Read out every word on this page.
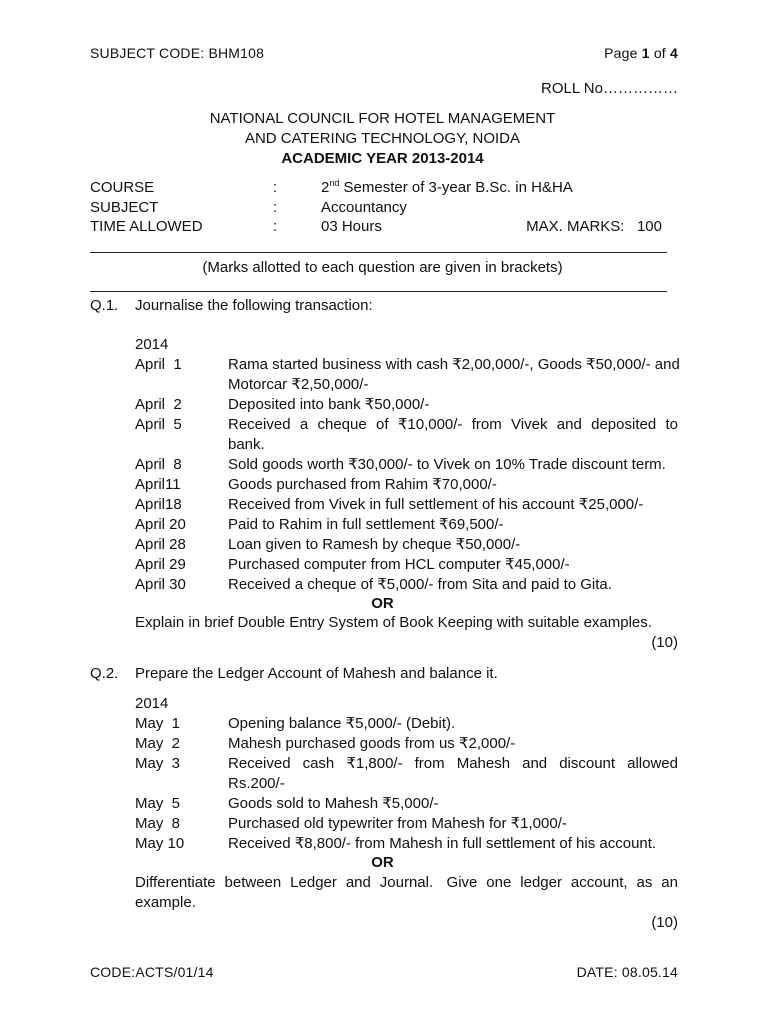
SUBJECT CODE: BHM108	Page 1 of 4
ROLL No……………
NATIONAL COUNCIL FOR HOTEL MANAGEMENT
AND CATERING TECHNOLOGY, NOIDA
ACADEMIC YEAR 2013-2014
COURSE	:	2nd Semester of 3-year B.Sc. in H&HA
SUBJECT	:	Accountancy
TIME ALLOWED	:	03 Hours	MAX. MARKS:   100
(Marks allotted to each question are given in brackets)
Q.1. Journalise the following transaction:
2014
April  1	Rama started business with cash ₹2,00,000/-, Goods ₹50,000/- and
Motorcar ₹2,50,000/-
April  2	Deposited into bank ₹50,000/-
April  5	Received  a  cheque  of  ₹10,000/-  from  Vivek  and  deposited  to
bank.
April  8	Sold goods worth ₹30,000/- to Vivek on 10% Trade discount term.
April11	Goods purchased from Rahim ₹70,000/-
April18	Received from Vivek in full settlement of his account ₹25,000/-
April 20	Paid to Rahim in full settlement ₹69,500/-
April 28	Loan given to Ramesh by cheque ₹50,000/-
April 29	Purchased computer from HCL computer ₹45,000/-
April 30	Received a cheque of ₹5,000/- from Sita and paid to Gita.
OR
Explain in brief Double Entry System of Book Keeping with suitable examples.
(10)
Q.2. Prepare the Ledger Account of Mahesh and balance it.
2014
May  1	Opening balance ₹5,000/- (Debit).
May  2	Mahesh purchased goods from us ₹2,000/-
May  3	Received  cash  ₹1,800/-  from  Mahesh  and  discount  allowed
Rs.200/-
May  5	Goods sold to Mahesh ₹5,000/-
May  8	Purchased old typewriter from Mahesh for ₹1,000/-
May 10	Received ₹8,800/- from Mahesh in full settlement of his account.
OR
Differentiate  between  Ledger  and  Journal.   Give  one  ledger  account,  as  an
example.
(10)
CODE:ACTS/01/14	DATE: 08.05.14
